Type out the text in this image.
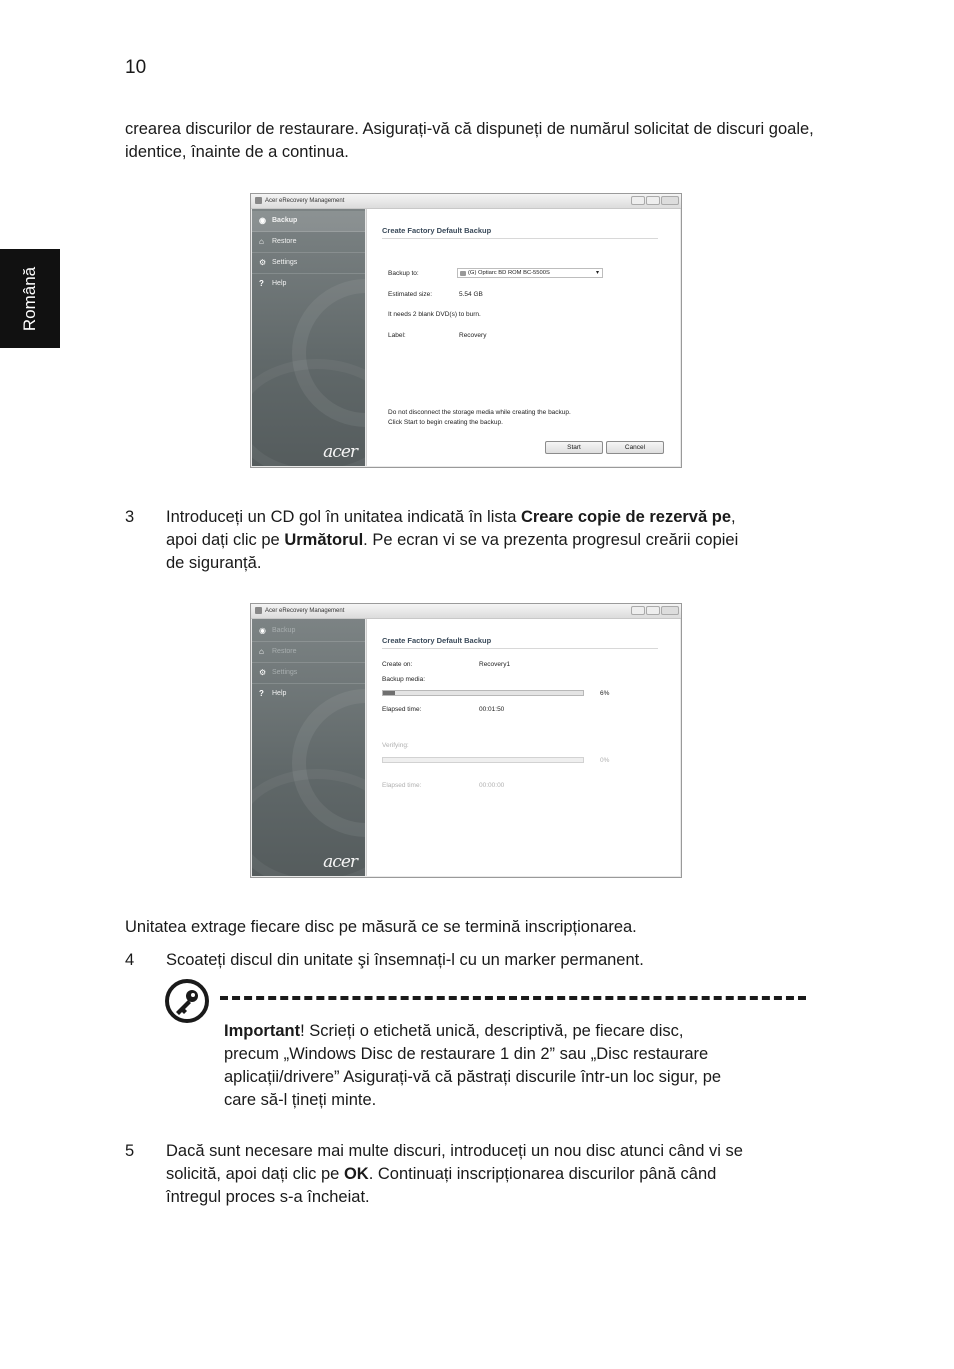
10
Română
crearea discurilor de restaurare. Asigurați-vă că dispuneți de numărul solicitat de discuri goale, identice, înainte de a continua.
Acer eRecovery Management
◉ Backup
⌂	Restore
⚙ Settings
?	Help
acer
Create Factory Default Backup
Backup to:	(G) Optiarc BD ROM BC-5500S	▾
Estimated size:	5.54 GB
It needs 2 blank DVD(s) to burn.
Label:	Recovery
Do not disconnect the storage media while creating the backup.
Click Start to begin creating the backup.
Start	Cancel
3 Introduceți un CD gol în unitatea indicată în lista Creare copie de rezervă pe,
apoi dați clic pe Următorul. Pe ecran vi se va prezenta progresul creării copiei
de siguranță.
Acer eRecovery Management
◉ Backup
⌂	Restore
⚙ Settings
?	Help
acer
Create Factory Default Backup
Create on:	Recovery1
Backup media:
6%
Elapsed time:	00:01:50
Verifying:
0%
Elapsed time:	00:00:00
Unitatea extrage fiecare disc pe măsură ce se termină inscripționarea.
4 Scoateți discul din unitate şi însemnați-l cu un marker permanent.
Important! Scrieți o etichetă unică, descriptivă, pe fiecare disc,
precum „Windows Disc de restaurare 1 din 2” sau „Disc restaurare
aplicații/drivere” Asigurați-vă că păstrați discurile într-un loc sigur, pe
care să-l țineți minte.
5 Dacă sunt necesare mai multe discuri, introduceți un nou disc atunci când vi se
solicită, apoi dați clic pe OK. Continuați inscripționarea discurilor până când
întregul proces s-a încheiat.
